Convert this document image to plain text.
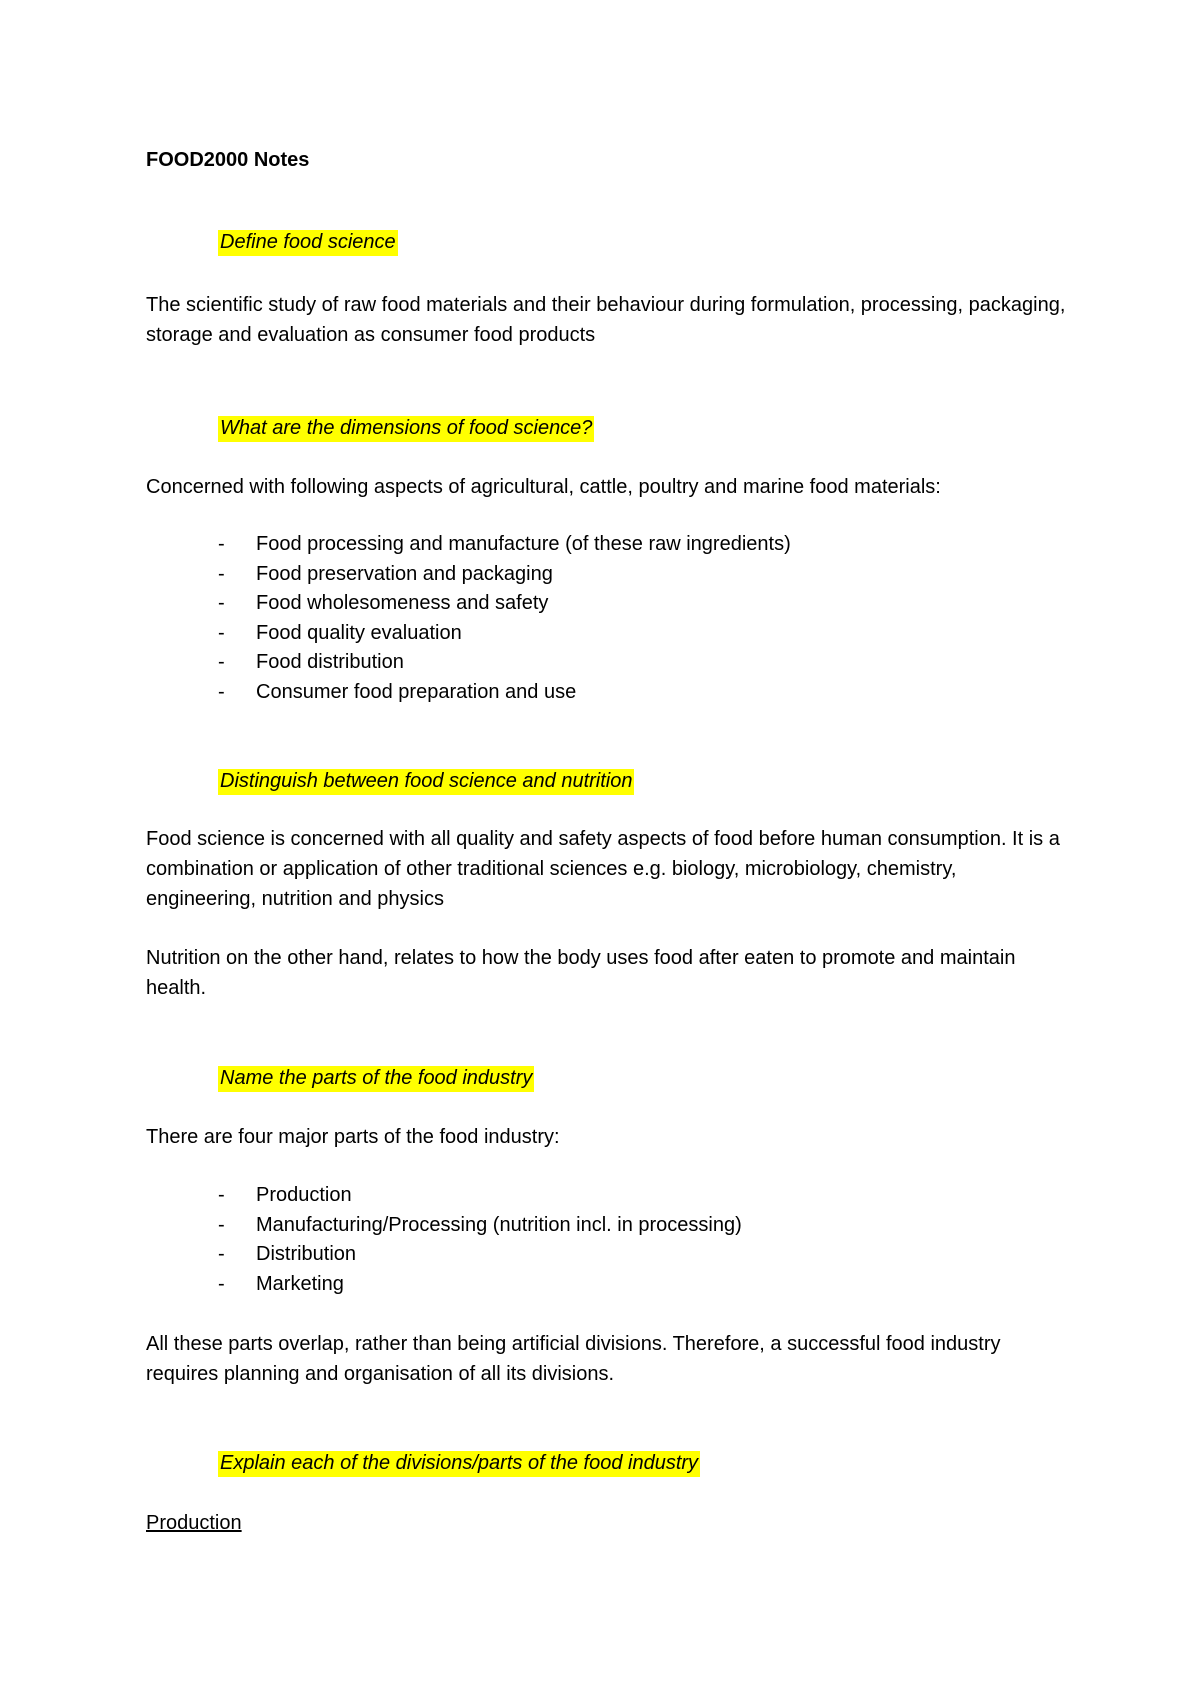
FOOD2000 Notes
Define food science
The scientific study of raw food materials and their behaviour during formulation, processing, packaging, storage and evaluation as consumer food products
What are the dimensions of food science?
Concerned with following aspects of agricultural, cattle, poultry and marine food materials:
- Food processing and manufacture (of these raw ingredients)
- Food preservation and packaging
- Food wholesomeness and safety
- Food quality evaluation
- Food distribution
- Consumer food preparation and use
Distinguish between food science and nutrition
Food science is concerned with all quality and safety aspects of food before human consumption. It is a combination or application of other traditional sciences e.g. biology, microbiology, chemistry, engineering, nutrition and physics
Nutrition on the other hand, relates to how the body uses food after eaten to promote and maintain health.
Name the parts of the food industry
There are four major parts of the food industry:
- Production
- Manufacturing/Processing (nutrition incl. in processing)
- Distribution
- Marketing
All these parts overlap, rather than being artificial divisions. Therefore, a successful food industry requires planning and organisation of all its divisions.
Explain each of the divisions/parts of the food industry
Production
